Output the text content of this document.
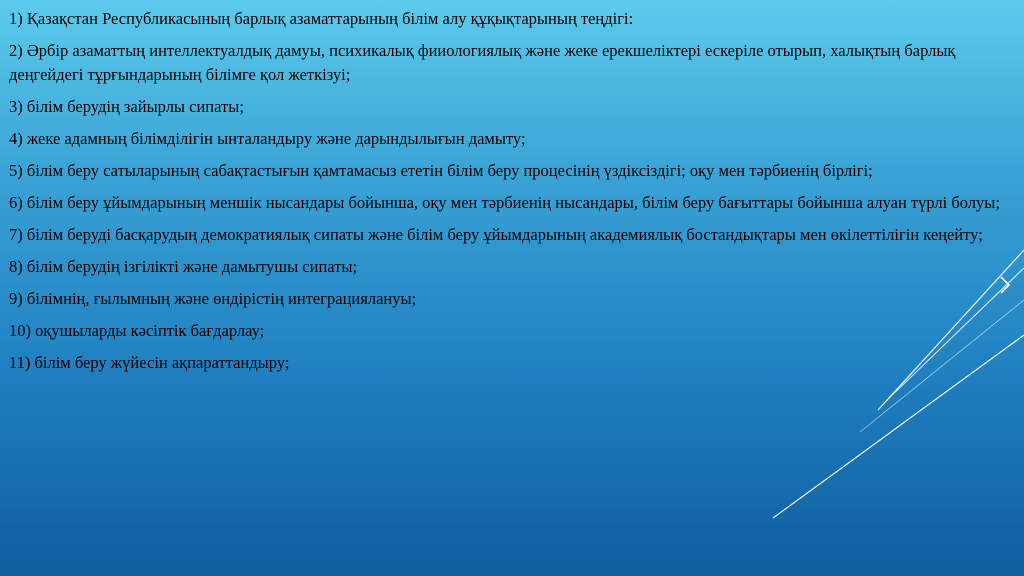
1) Қазақстан Республикасының барлық азаматтарының білім алу құқықтарының теңдігі:

2) Әрбір азаматтың интеллектуалдық дамуы, психикалық фииологиялық және жеке ерекшеліктері ескеріле отырып, халықтың барлық деңгейдегі тұрғындарының білімге қол жеткізуі;

3) білім берудің зайырлы сипаты;

4) жеке адамның білімділігін ынталандыру және дарындылығын дамыту;

5) білім беру сатыларының сабақтастығын қамтамасыз ететін білім беру процесінің үздіксіздігі; оқу мен тәрбиенің бірлігі;

6) білім беру ұйымдарының меншік нысандары бойынша, оқу мен тәрбиенің нысандары, білім беру бағыттары бойынша алуан түрлі болуы;

7) білім беруді басқарудың демократиялық сипаты және білім беру ұйымдарының академиялық бостандықтары мен өкілеттілігін кеңейту;

8) білім берудің ізгілікті және дамытушы сипаты;

9) білімнің, ғылымның және өндірістің интеграциялануы;

10) оқушыларды кәсіптік бағдарлау;

11) білім беру жүйесін ақпараттандыру;
